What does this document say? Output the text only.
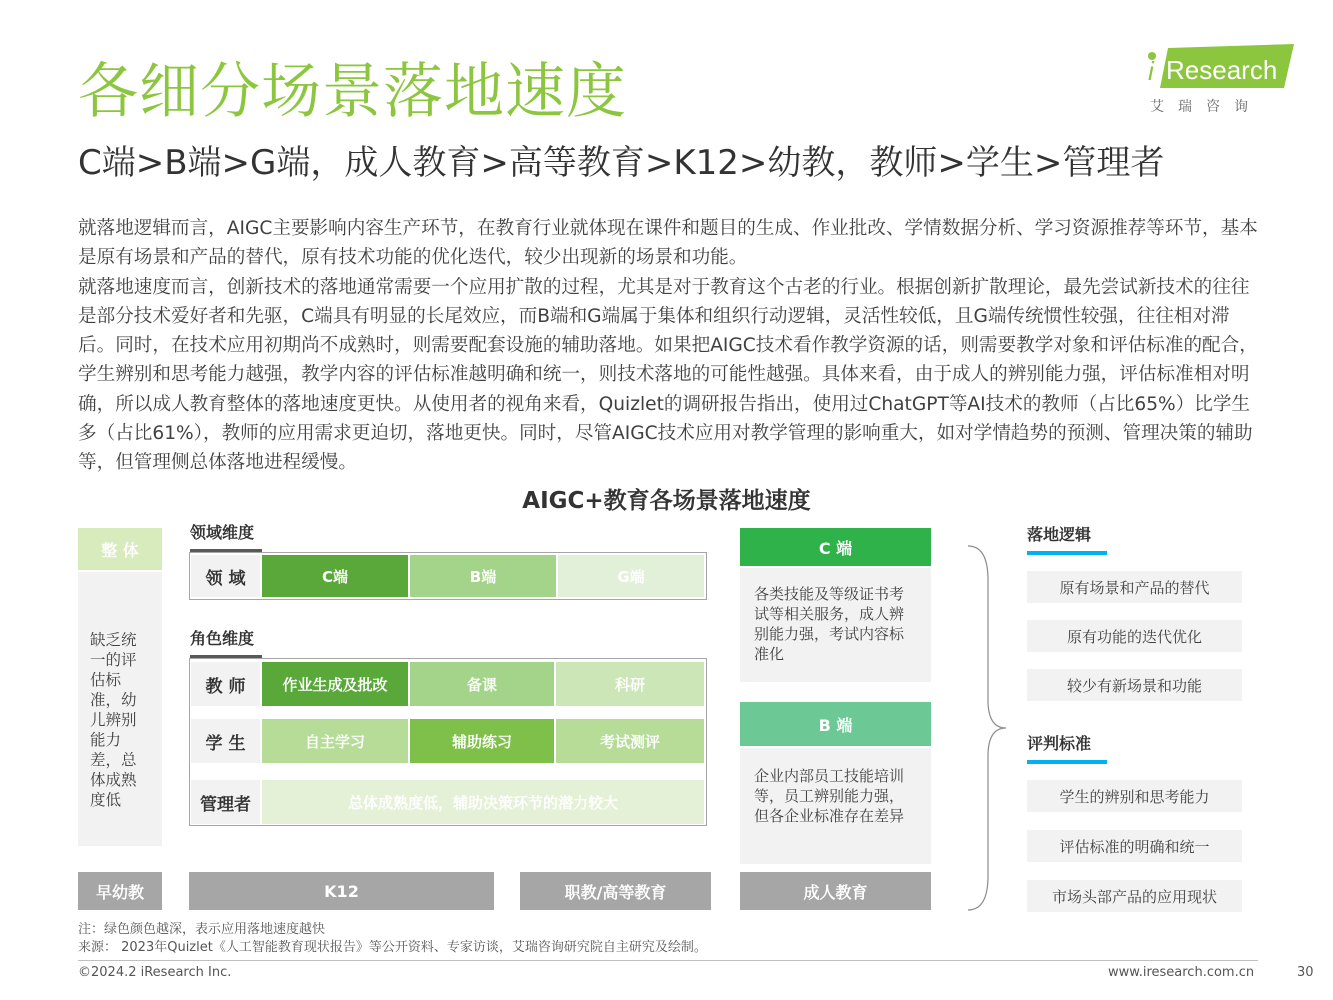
各细分场景落地速度
C端>B端>G端，成人教育>高等教育>K12>幼教，教师>学生>管理者
i Research
艾瑞咨询

就落地逻辑而言，AIGC主要影响内容生产环节，在教育行业就体现在课件和题目的生成、作业批改、学情数据分析、学习资源推荐等环节，基本是原有场景和产品的替代，原有技术功能的优化迭代，较少出现新的场景和功能。

就落地速度而言，创新技术的落地通常需要一个应用扩散的过程，尤其是对于教育这个古老的行业。根据创新扩散理论，最先尝试新技术的往往是部分技术爱好者和先驱，C端具有明显的长尾效应，而B端和G端属于集体和组织行动逻辑，灵活性较低，且G端传统惯性较强，往往相对滞后。同时，在技术应用初期尚不成熟时，则需要配套设施的辅助落地。如果把AIGC技术看作教学资源的话，则需要教学对象和评估标准的配合，学生辨别和思考能力越强，教学内容的评估标准越明确和统一，则技术落地的可能性越强。具体来看，由于成人的辨别能力强，评估标准相对明确，所以成人教育整体的落地速度更快。从使用者的视角来看，Quizlet的调研报告指出，使用过ChatGPT等AI技术的教师（占比65%）比学生多（占比61%），教师的应用需求更迫切，落地更快。同时，尽管AIGC技术应用对教学管理的影响重大，如对学情趋势的预测、管理决策的辅助等，但管理侧总体落地进程缓慢。

AIGC+教育各场景落地速度
整 体
缺乏统一的评估标准，幼儿辨别能力差，总体成熟度低
领域维度
领 域	C端	B端	G端
角色维度
教 师	作业生成及批改	备课	科研
学 生	自主学习	辅助练习	考试测评
管理者	总体成熟度低，辅助决策环节的潜力较大
早幼教	K12	职教/高等教育	成人教育
C 端
各类技能及等级证书考试等相关服务，成人辨别能力强，考试内容标准化
B 端
企业内部员工技能培训等，员工辨别能力强，但各企业标准存在差异
落地逻辑
原有场景和产品的替代
原有功能的迭代优化
较少有新场景和功能
评判标准
学生的辨别和思考能力
评估标准的明确和统一
市场头部产品的应用现状
注：绿色颜色越深，表示应用落地速度越快
来源： 2023年Quizlet《人工智能教育现状报告》等公开资料、专家访谈，艾瑞咨询研究院自主研究及绘制。
©2024.2 iResearch Inc.	www.iresearch.com.cn	30
